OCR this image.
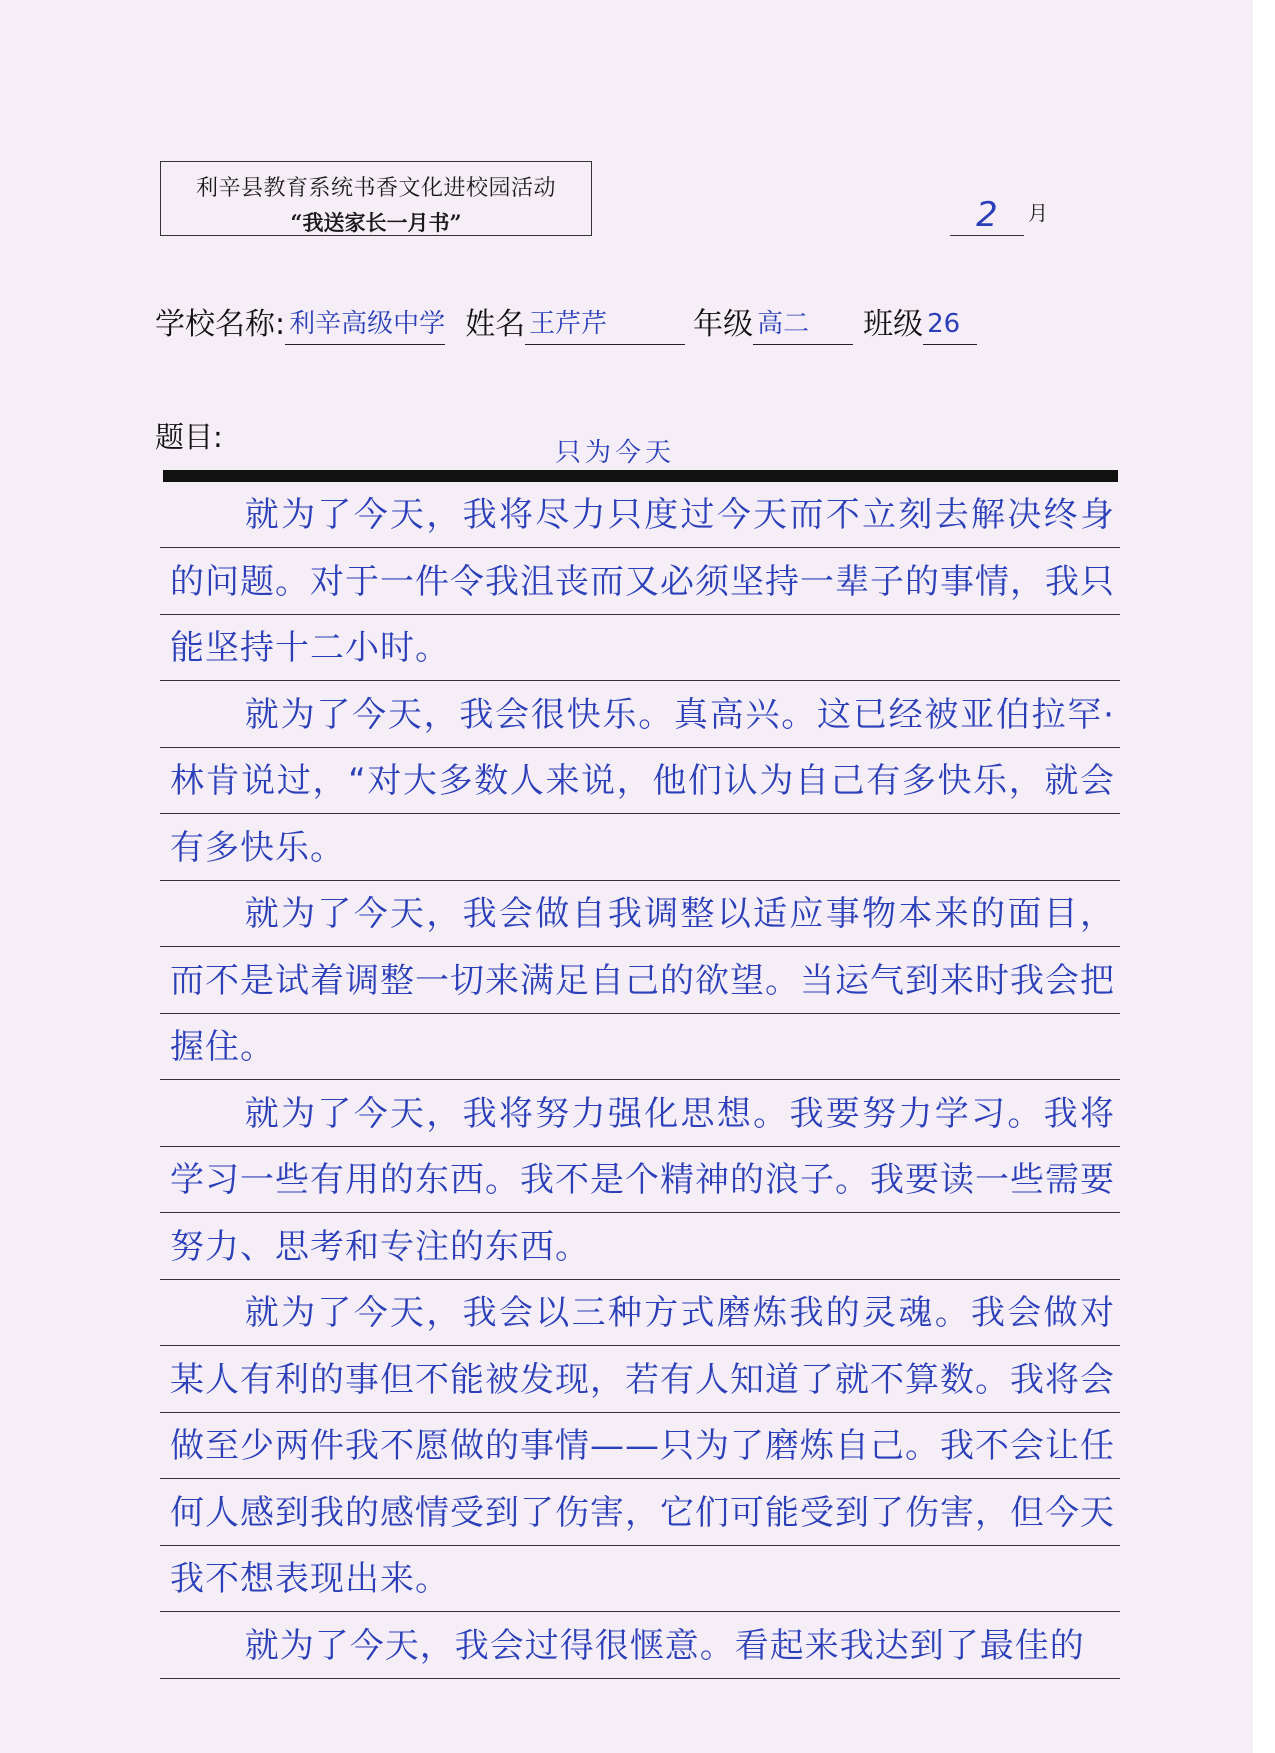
利辛县教育系统书香文化进校园活动
“我送家长一月书”	2	月
学校名称: 利辛高级中学 姓名 王芹芹	年级 高二	班级 26
题目:	只为今天

就为了今天，我将尽力只度过今天而不立刻去解决终身的问题。对于一件令我沮丧而又必须坚持一辈子的事情，我只能坚持十二小时。

就为了今天，我会很快乐。真高兴。这已经被亚伯拉罕·林肯说过，“对大多数人来说，他们认为自己有多快乐，就会有多快乐。

就为了今天，我会做自我调整以适应事物本来的面目，而不是试着调整一切来满足自己的欲望。当运气到来时我会把握住。

就为了今天，我将努力强化思想。我要努力学习。我将学习一些有用的东西。我不是个精神的浪子。我要读一些需要努力、思考和专注的东西。

就为了今天，我会以三种方式磨炼我的灵魂。我会做对某人有利的事但不能被发现，若有人知道了就不算数。我将会做至少两件我不愿做的事情——只为了磨炼自己。我不会让任何人感到我的感情受到了伤害，它们可能受到了伤害，但今天我不想表现出来。

就为了今天，我会过得很惬意。看起来我达到了最佳的
